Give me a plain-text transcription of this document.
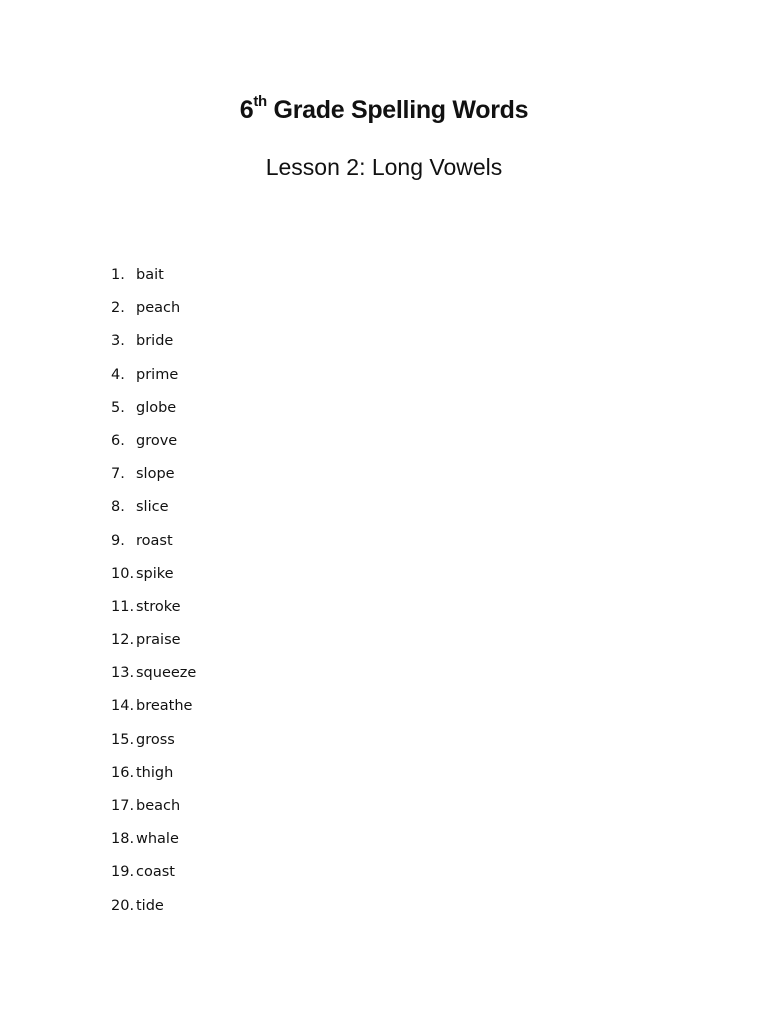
6th Grade Spelling Words
Lesson 2: Long Vowels
1. bait
2. peach
3. bride
4. prime
5. globe
6. grove
7. slope
8. slice
9. roast
10. spike
11. stroke
12. praise
13. squeeze
14. breathe
15. gross
16. thigh
17. beach
18. whale
19. coast
20. tide
